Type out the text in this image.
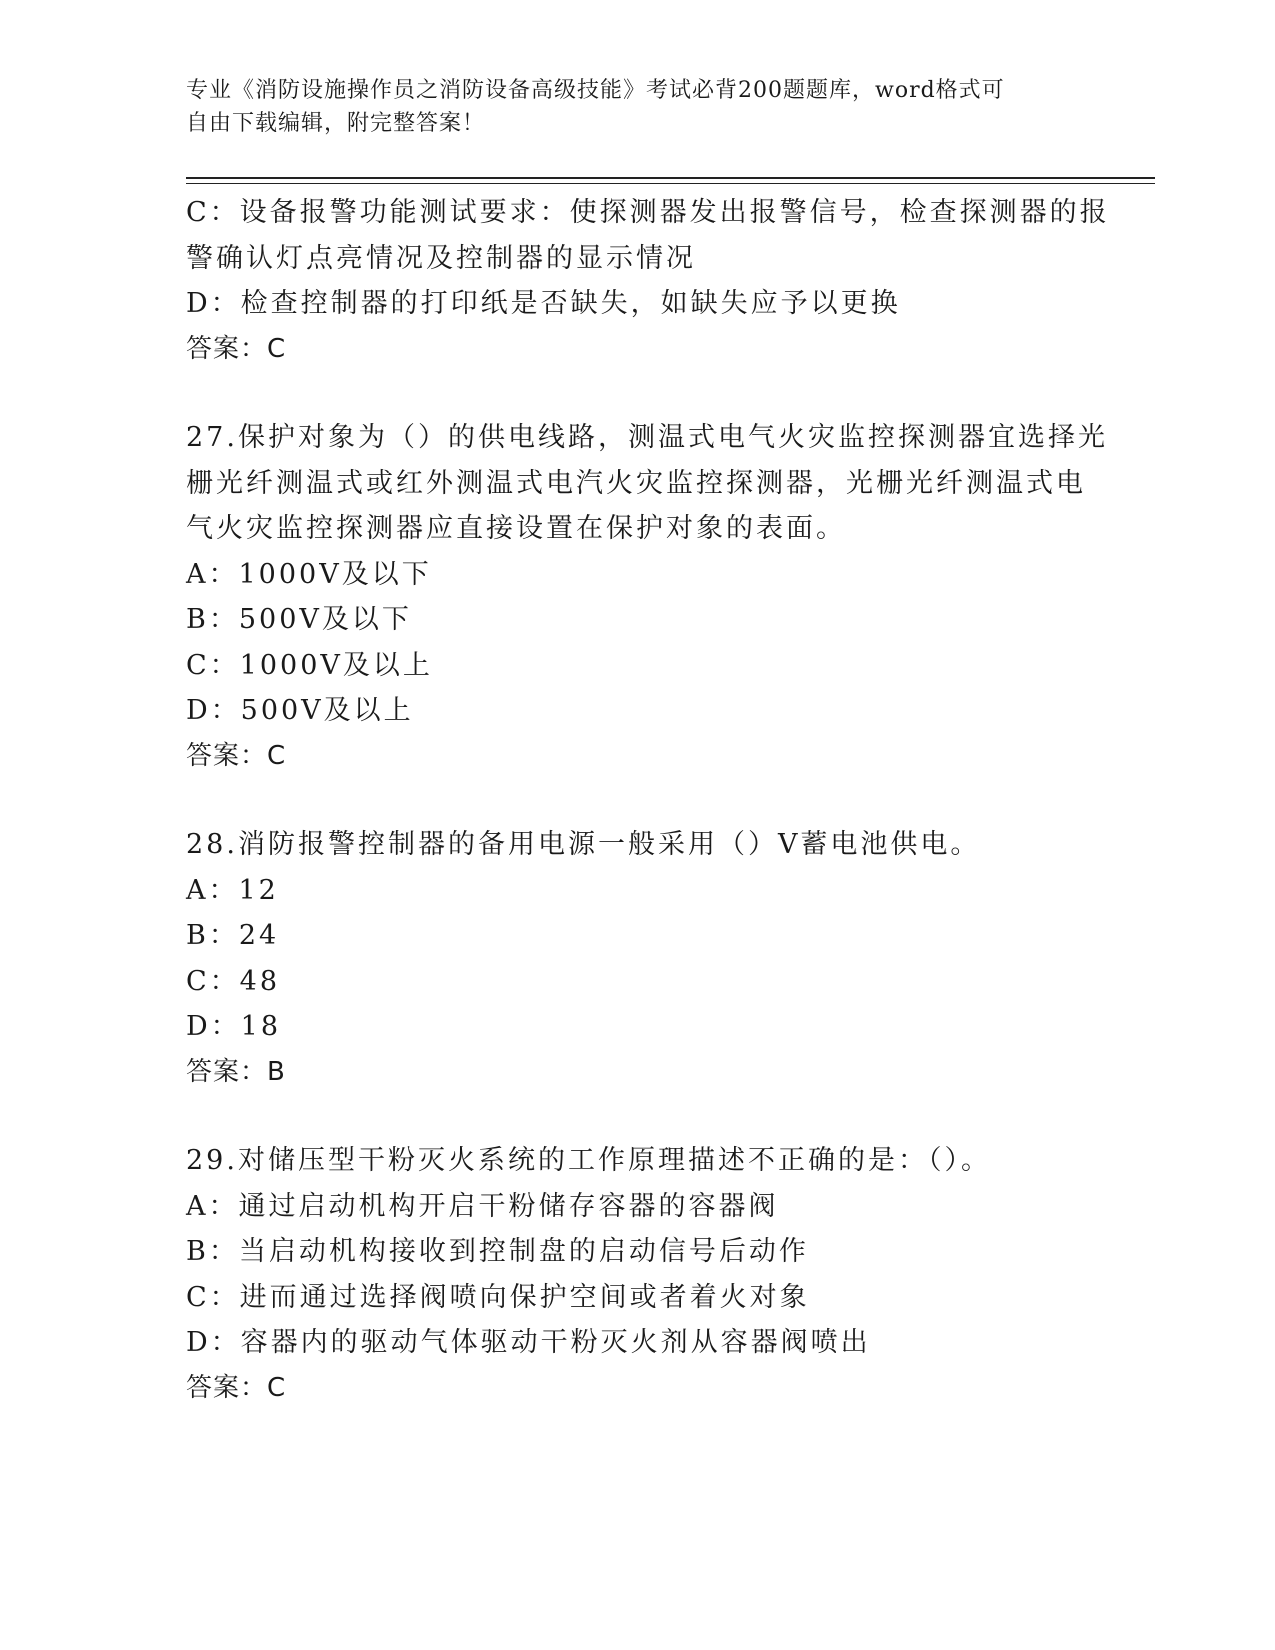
专业《消防设施操作员之消防设备高级技能》考试必背200题题库，word格式可
自由下载编辑，附完整答案！
C：设备报警功能测试要求：使探测器发出报警信号，检查探测器的报
警确认灯点亮情况及控制器的显示情况
D：检查控制器的打印纸是否缺失，如缺失应予以更换
答案：C
27.保护对象为（）的供电线路，测温式电气火灾监控探测器宜选择光
栅光纤测温式或红外测温式电汽火灾监控探测器，光栅光纤测温式电
气火灾监控探测器应直接设置在保护对象的表面。
A：1000V及以下
B：500V及以下
C：1000V及以上
D：500V及以上
答案：C
28.消防报警控制器的备用电源一般采用（）V蓄电池供电。
A：12
B：24
C：48
D：18
答案：B
29.对储压型干粉灭火系统的工作原理描述不正确的是：（）。
A：通过启动机构开启干粉储存容器的容器阀
B：当启动机构接收到控制盘的启动信号后动作
C：进而通过选择阀喷向保护空间或者着火对象
D：容器内的驱动气体驱动干粉灭火剂从容器阀喷出
答案：C
